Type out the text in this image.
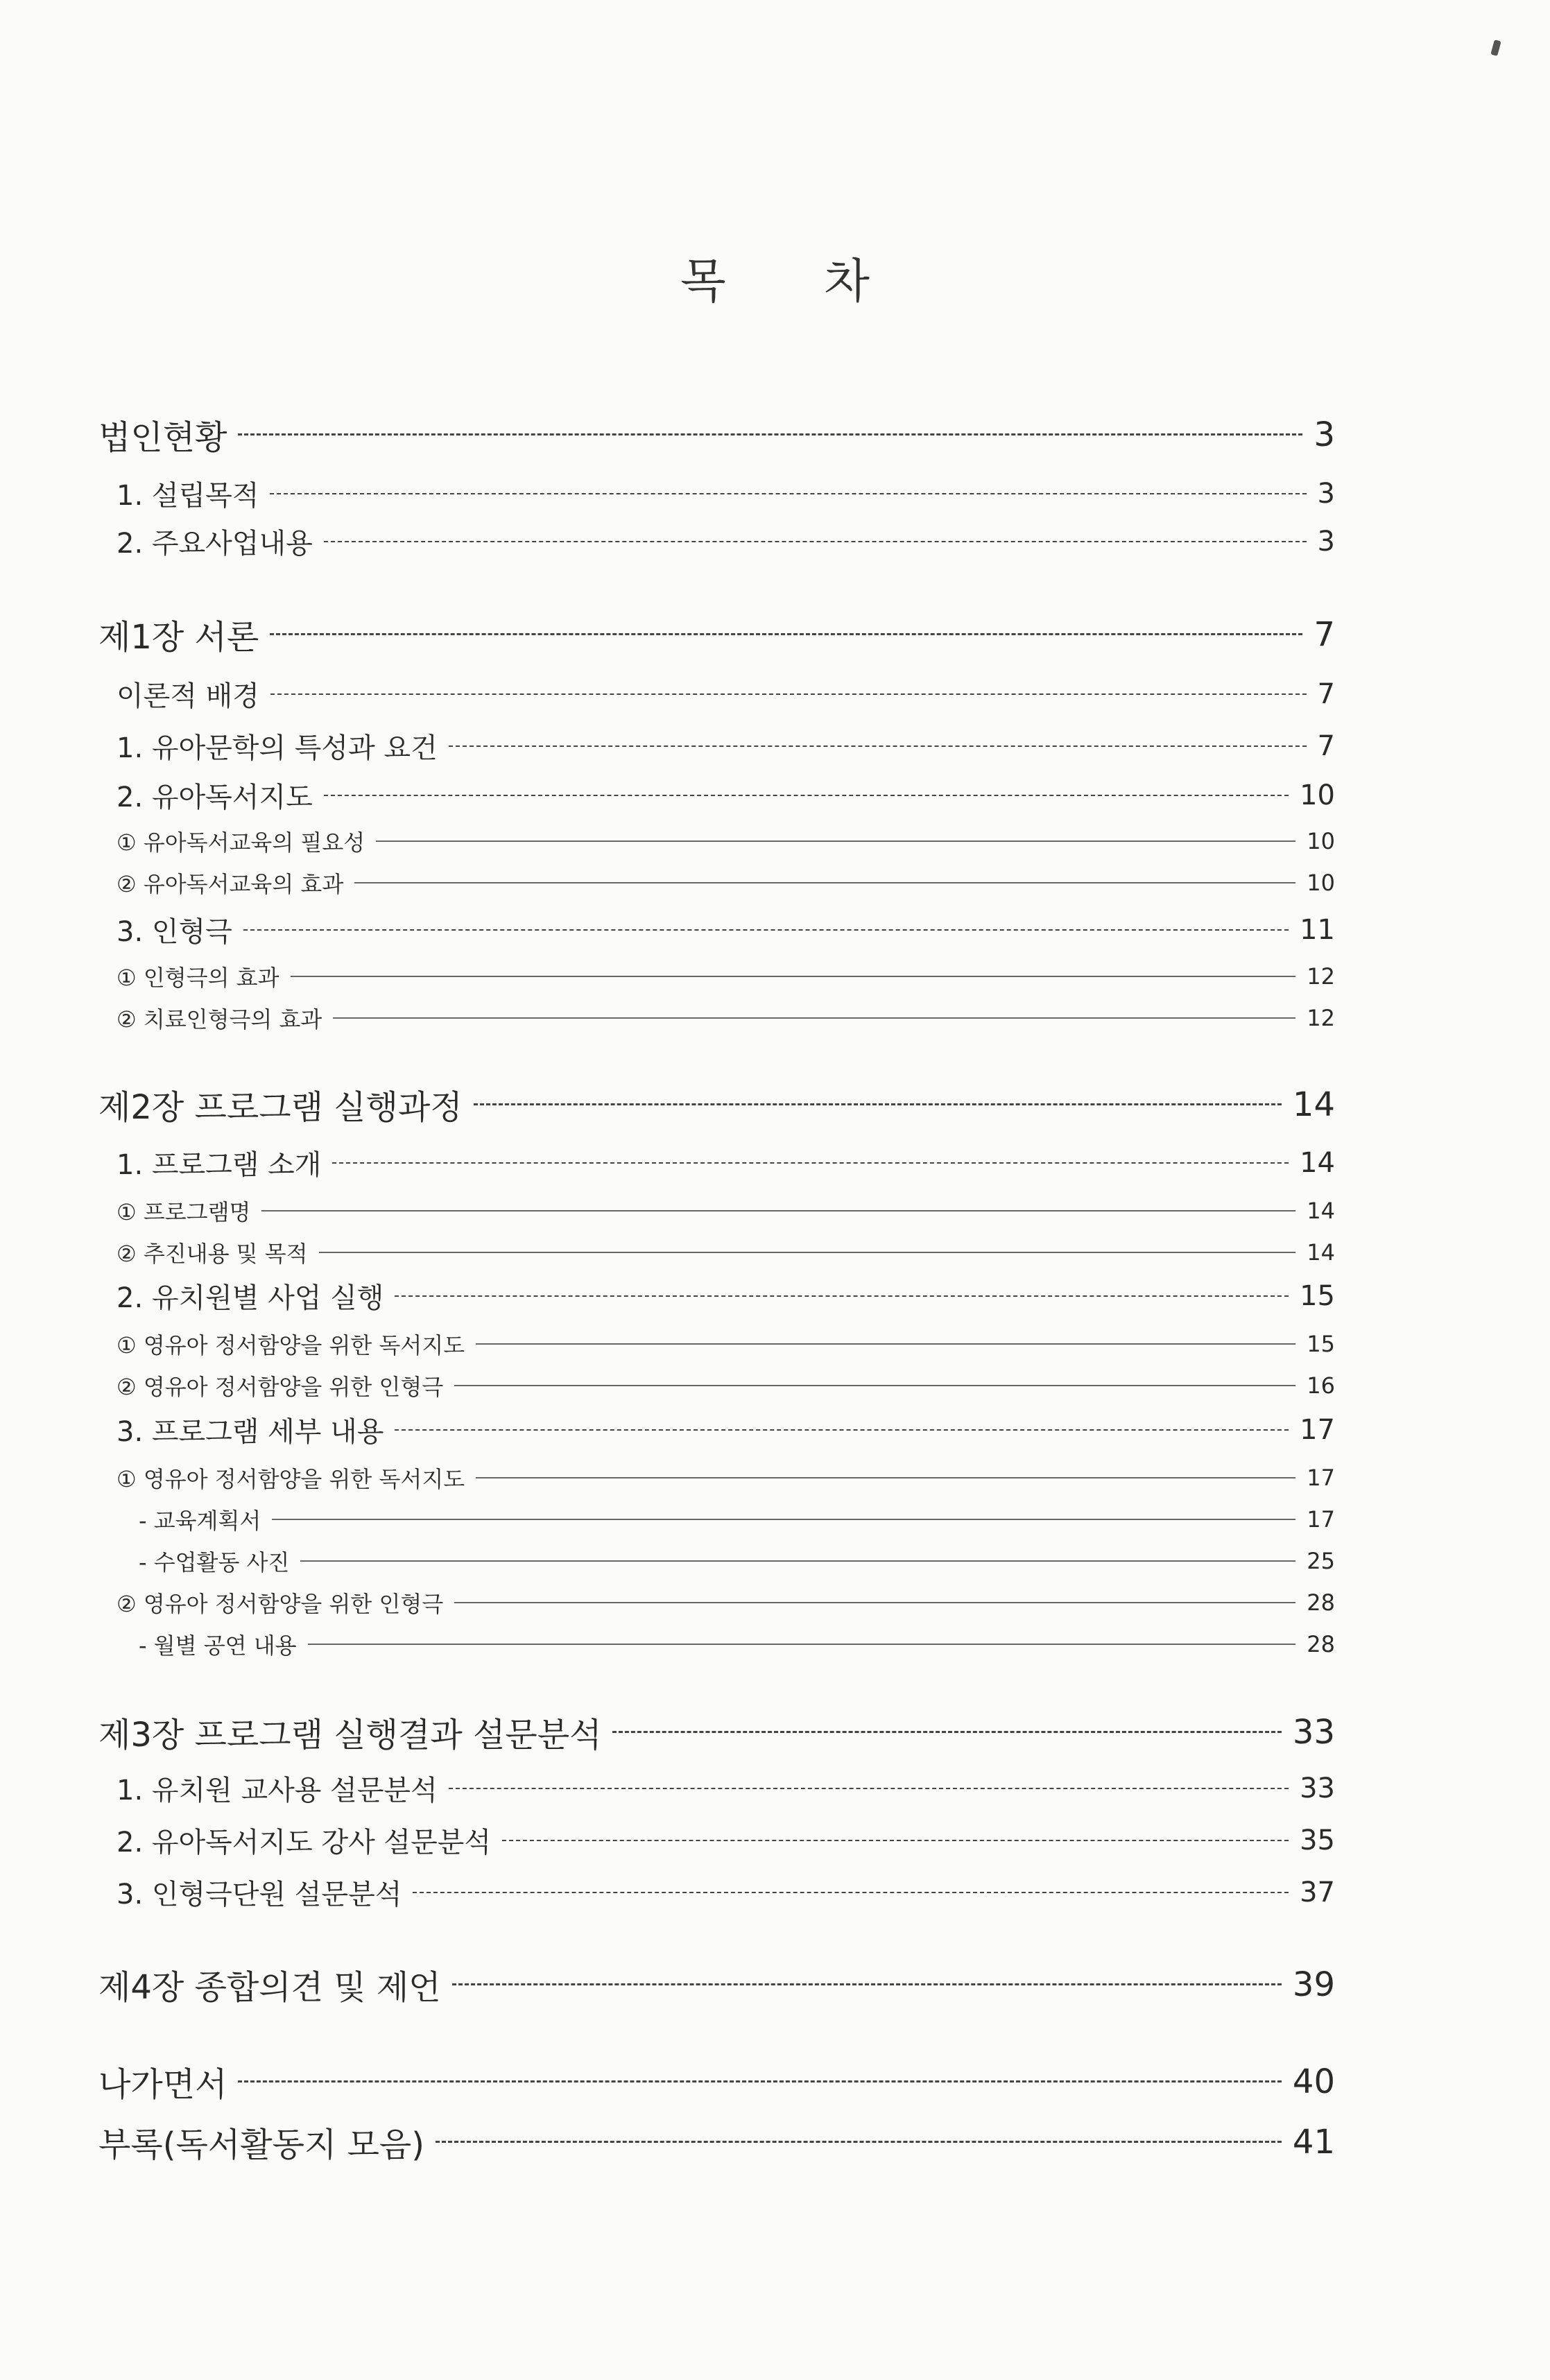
목 차
법인현황	3
1. 설립목적	3
2. 주요사업내용	3
제1장 서론	7
이론적 배경	7
1. 유아문학의 특성과 요건	7
2. 유아독서지도	10
① 유아독서교육의 필요성	10
② 유아독서교육의 효과	10
3. 인형극	11
① 인형극의 효과	12
② 치료인형극의 효과	12
제2장 프로그램 실행과정	14
1. 프로그램 소개	14
① 프로그램명	14
② 추진내용 및 목적	14
2. 유치원별 사업 실행	15
① 영유아 정서함양을 위한 독서지도	15
② 영유아 정서함양을 위한 인형극	16
3. 프로그램 세부 내용	17
① 영유아 정서함양을 위한 독서지도	17
- 교육계획서	17
- 수업활동 사진	25
② 영유아 정서함양을 위한 인형극	28
- 월별 공연 내용	28
제3장 프로그램 실행결과 설문분석	33
1. 유치원 교사용 설문분석	33
2. 유아독서지도 강사 설문분석	35
3. 인형극단원 설문분석	37
제4장 종합의견 및 제언	39
나가면서	40
부록(독서활동지 모음)	41
